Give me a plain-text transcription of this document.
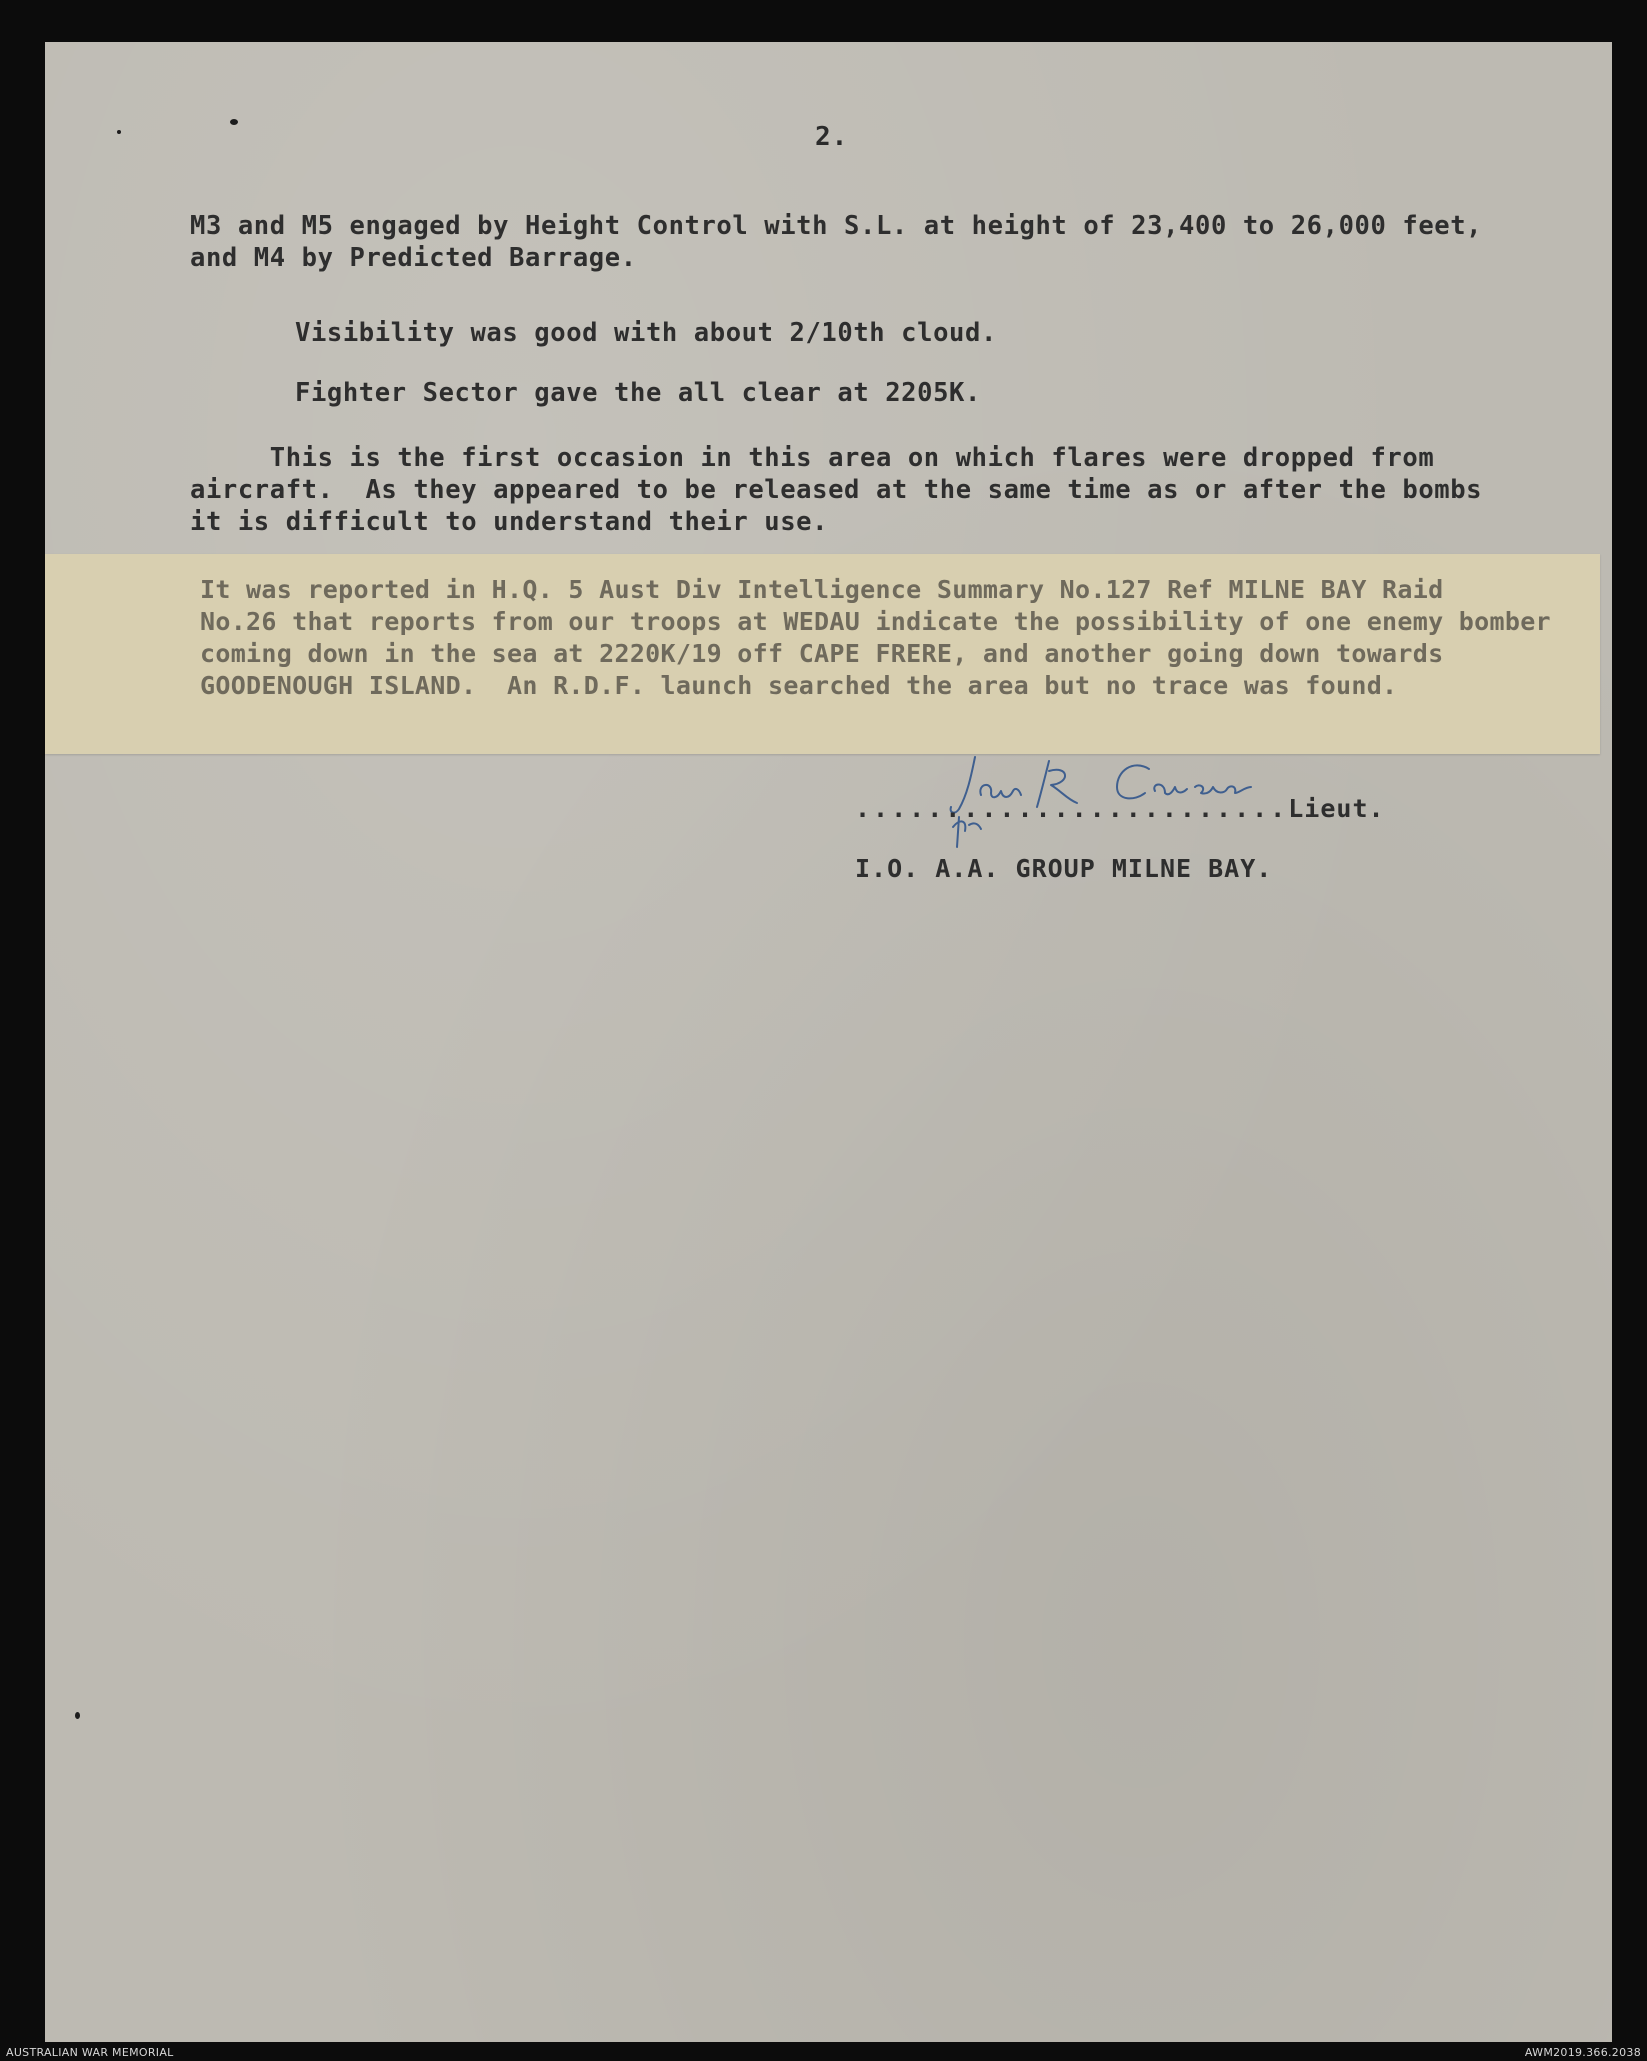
2.
M3 and M5 engaged by Height Control with S.L. at height of 23,400 to 26,000 feet,
and M4 by Predicted Barrage.
Visibility was good with about 2/10th cloud.
Fighter Sector gave the all clear at 2205K.
This is the first occasion in this area on which flares were dropped from
aircraft.  As they appeared to be released at the same time as or after the bombs
it is difficult to understand their use.
It was reported in H.Q. 5 Aust Div Intelligence Summary No.127 Ref MILNE BAY Raid
No.26 that reports from our troops at WEDAU indicate the possibility of one enemy bomber
coming down in the sea at 2220K/19 off CAPE FRERE, and another going down towards
GOODENOUGH ISLAND.  An R.D.F. launch searched the area but no trace was found.
........................Lieut.
I.O. A.A. GROUP MILNE BAY.
AUSTRALIAN WAR MEMORIAL	AWM2019.366.2038
